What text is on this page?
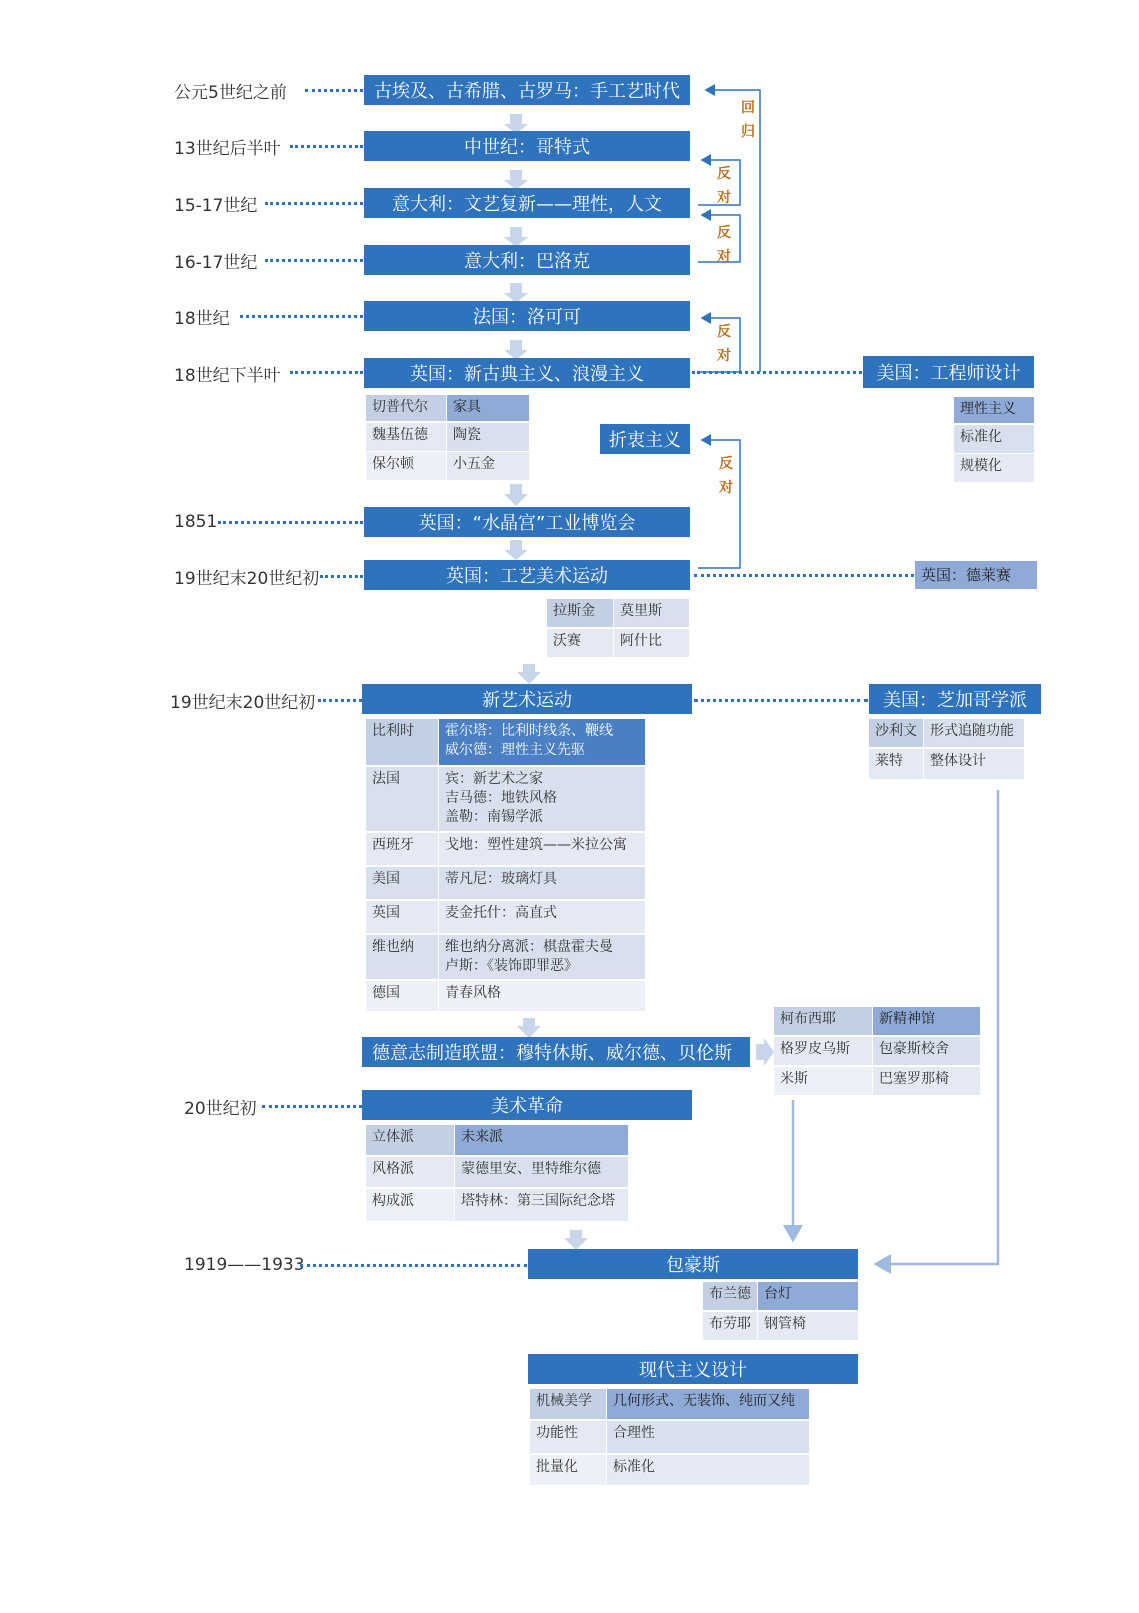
公元5世纪之前
13世纪后半叶
15-17世纪
16-17世纪
18世纪
18世纪下半叶
1851
19世纪末20世纪初
19世纪末20世纪初
20世纪初
1919——1933
古埃及、古希腊、古罗马：手工艺时代
中世纪：哥特式
意大利：文艺复新——理性，人文
意大利：巴洛克
法国：洛可可
英国：新古典主义、浪漫主义
英国：“水晶宫”工业博览会
英国：工艺美术运动
新艺术运动
德意志制造联盟：穆特休斯、威尔德、贝伦斯
美术革命
包豪斯
现代主义设计
回归
反对
反对
反对
反对
折衷主义
切普代尔	家具
魏基伍德	陶瓷
保尔顿	小五金
美国：工程师设计
理性主义
标准化
规模化
拉斯金	莫里斯
沃赛	阿什比
英国：德莱赛
比利时	霍尔塔：比利时线条、鞭线
威尔德：理性主义先驱
法国	宾：新艺术之家
吉马德：地铁风格
盖勒：南锡学派
西班牙	戈地：塑性建筑——米拉公寓
美国	蒂凡尼：玻璃灯具
英国	麦金托什：高直式
维也纳	维也纳分离派：棋盘霍夫曼
卢斯：《装饰即罪恶》
德国	青春风格
美国：芝加哥学派
沙利文 形式追随功能
莱特	整体设计
柯布西耶	新精神馆
格罗皮乌斯	包豪斯校舍
米斯	巴塞罗那椅
立体派	未来派
风格派	蒙德里安、里特维尔德
构成派	塔特林：第三国际纪念塔
布兰德 台灯
布劳耶 钢管椅
机械美学	几何形式、无装饰、纯而又纯
功能性	合理性
批量化	标准化
